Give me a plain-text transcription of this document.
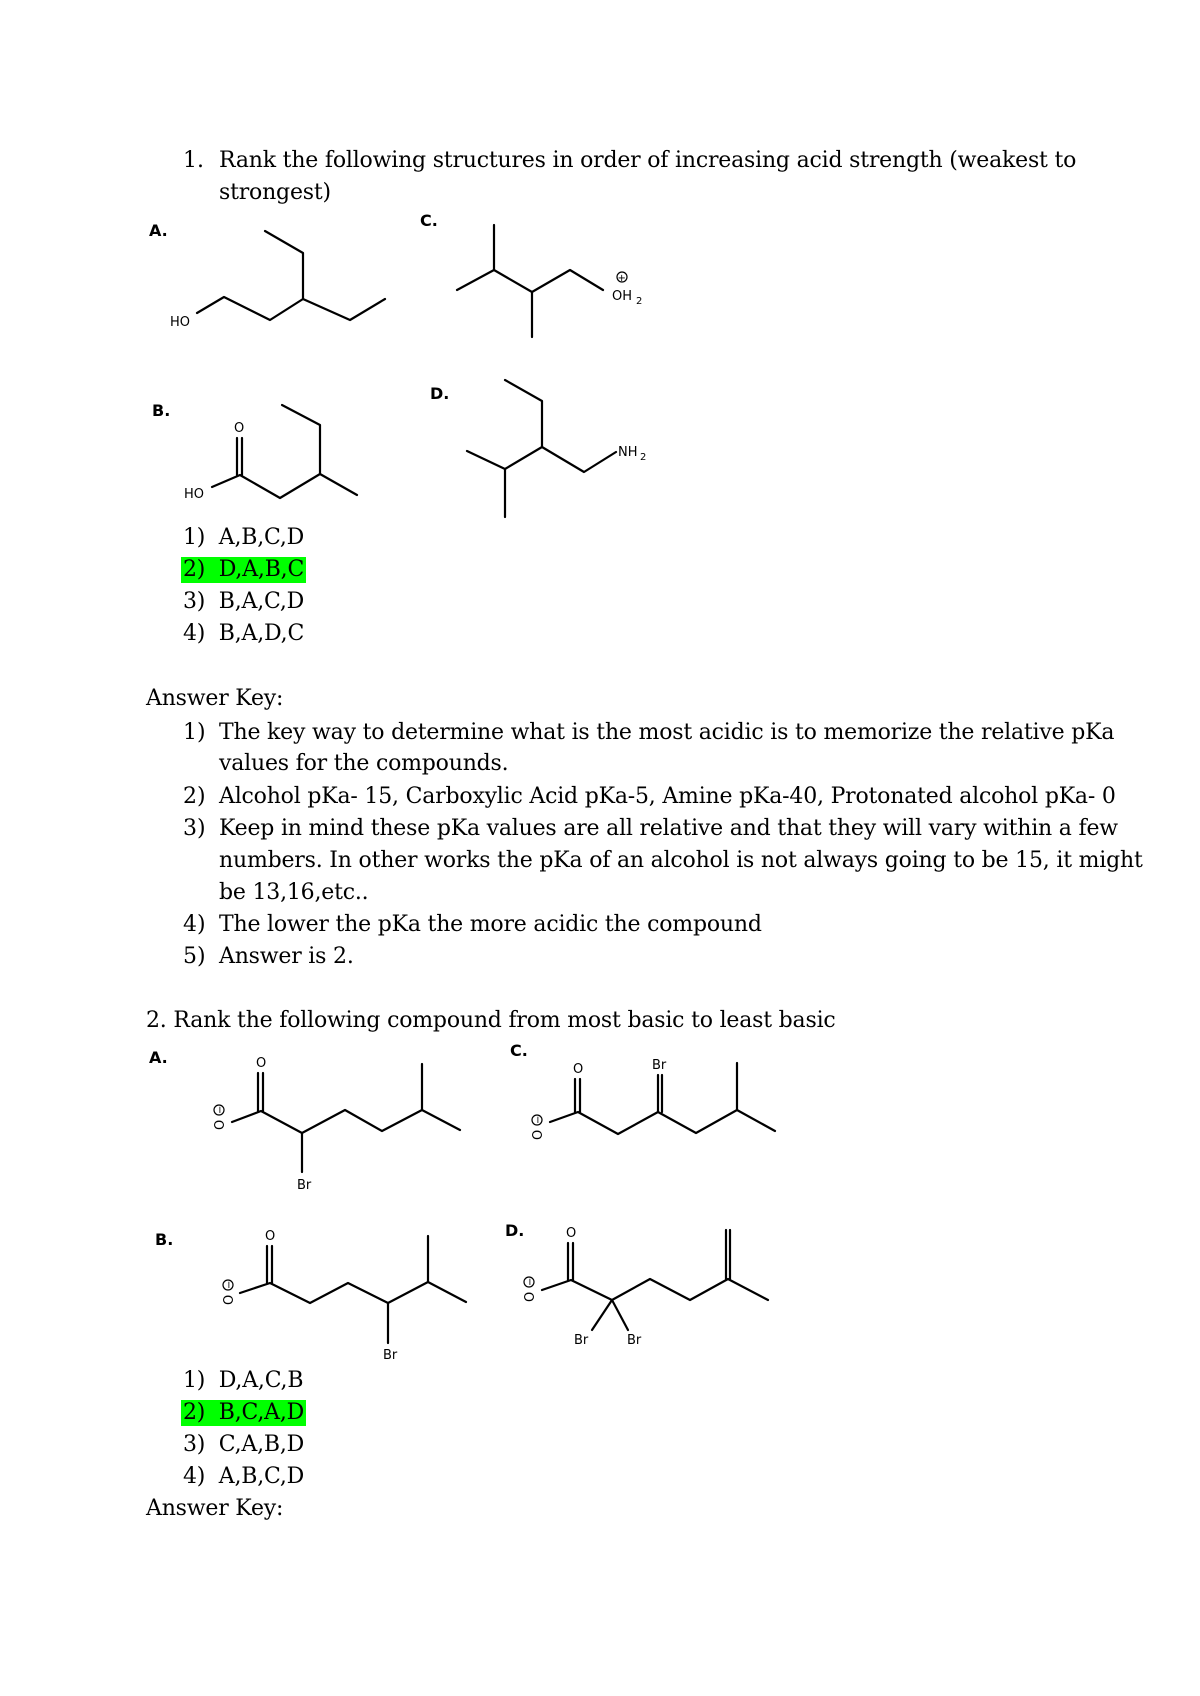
1. Rank the following structures in order of increasing acid strength (weakest to
strongest)
A.
HO
C.
OH 2
+
B.
O
HO
D.
NH 2
1) A,B,C,D
2) D,A,B,C
3) B,A,C,D
4) B,A,D,C
Answer Key:
1) The key way to determine what is the most acidic is to memorize the relative pKa
values for the compounds.
2) Alcohol pKa- 15, Carboxylic Acid pKa-5, Amine pKa-40, Protonated alcohol pKa- 0
3) Keep in mind these pKa values are all relative and that they will vary within a few
numbers. In other works the pKa of an alcohol is not always going to be 15, it might
be 13,16,etc..
4) The lower the pKa the more acidic the compound
5) Answer is 2.
2. Rank the following compound from most basic to least basic
A.	O
Br
O
−
C.
O	Br
O
−
B.	O
Br
O
−
D.	O
Br	Br
O
−
1) D,A,C,B
2) B,C,A,D
3) C,A,B,D
4) A,B,C,D
Answer Key:
